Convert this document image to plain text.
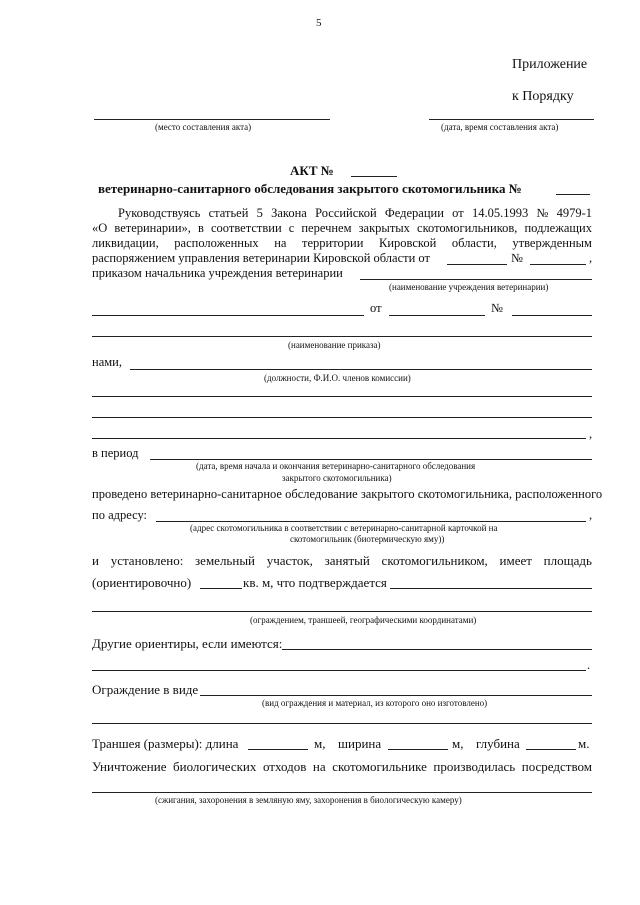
5
Приложение
к Порядку
(место составления акта)	(дата, время составления акта)
АКТ №
ветеринарно-санитарного обследования закрытого скотомогильника №
Руководствуясь статьей 5 Закона Российской Федерации от 14.05.1993 № 4979-1
«О ветеринарии», в соответствии с перечнем закрытых скотомогильников, подлежащих
ликвидации, расположенных на территории Кировской области, утвержденным
распоряжением управления ветеринарии Кировской области от	№	,
приказом начальника учреждения ветеринарии
(наименование учреждения ветеринарии)
от	№
(наименование приказа)
нами,
(должности, Ф.И.О. членов комиссии)
,
в период
(дата, время начала и окончания ветеринарно-санитарного обследования
закрытого скотомогильника)
проведено ветеринарно-санитарное обследование закрытого скотомогильника, расположенного
по адресу:	,
(адрес скотомогильника в соответствии с ветеринарно-санитарной карточкой на
скотомогильник (биотермическую яму))
и установлено: земельный участок, занятый скотомогильником, имеет площадь
(ориентировочно)	кв. м, что подтверждается
(ограждением, траншеей, географическими координатами)
Другие ориентиры, если имеются:
.
Ограждение в виде
(вид ограждения и материал, из которого оно изготовлено)
Траншея (размеры): длина	м, ширина	м, глубина	м.
Уничтожение биологических отходов на скотомогильнике производилась посредством
(сжигания, захоронения в земляную яму, захоронения в биологическую камеру)
